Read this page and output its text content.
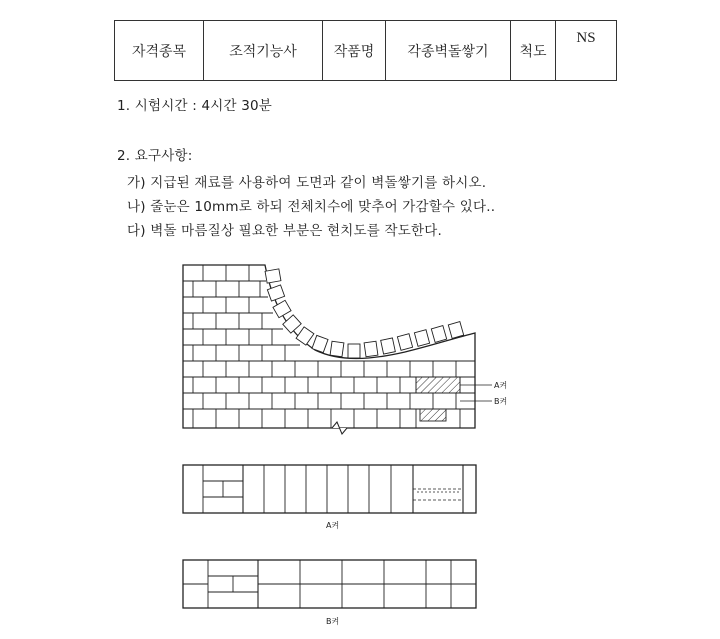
자격종목	조적기능사	작품명	각종벽돌쌓기	척도	NS
1. 시험시간 : 4시간 30분
2. 요구사항:
가) 지급된 재료를 사용하여 도면과 같이 벽돌쌓기를 하시오.
나) 줄눈은 10mm로 하되 전체치수에 맞추어 가감할수 있다..
다) 벽돌 마름질상 필요한 부분은 현치도를 작도한다.
A켜
B켜
A켜
B켜
